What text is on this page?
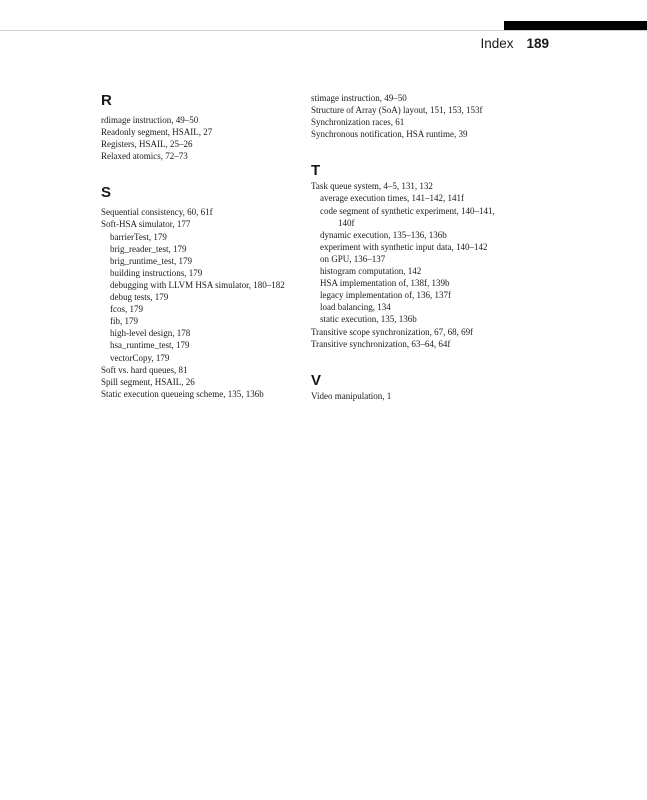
Index 189
R
rdimage instruction, 49–50
Readonly segment, HSAIL, 27
Registers, HSAIL, 25–26
Relaxed atomics, 72–73
S
Sequential consistency, 60, 61f
Soft-HSA simulator, 177
barrierTest, 179
brig_reader_test, 179
brig_runtime_test, 179
building instructions, 179
debugging with LLVM HSA simulator, 180–182
debug tests, 179
fcos, 179
fib, 179
high-level design, 178
hsa_runtime_test, 179
vectorCopy, 179
Soft vs. hard queues, 81
Spill segment, HSAIL, 26
Static execution queueing scheme, 135, 136b
stimage instruction, 49–50
Structure of Array (SoA) layout, 151, 153, 153f
Synchronization races, 61
Synchronous notification, HSA runtime, 39
T
Task queue system, 4–5, 131, 132
average execution times, 141–142, 141f
code segment of synthetic experiment, 140–141,
140f
dynamic execution, 135–136, 136b
experiment with synthetic input data, 140–142
on GPU, 136–137
histogram computation, 142
HSA implementation of, 138f, 139b
legacy implementation of, 136, 137f
load balancing, 134
static execution, 135, 136b
Transitive scope synchronization, 67, 68, 69f
Transitive synchronization, 63–64, 64f
V
Video manipulation, 1
